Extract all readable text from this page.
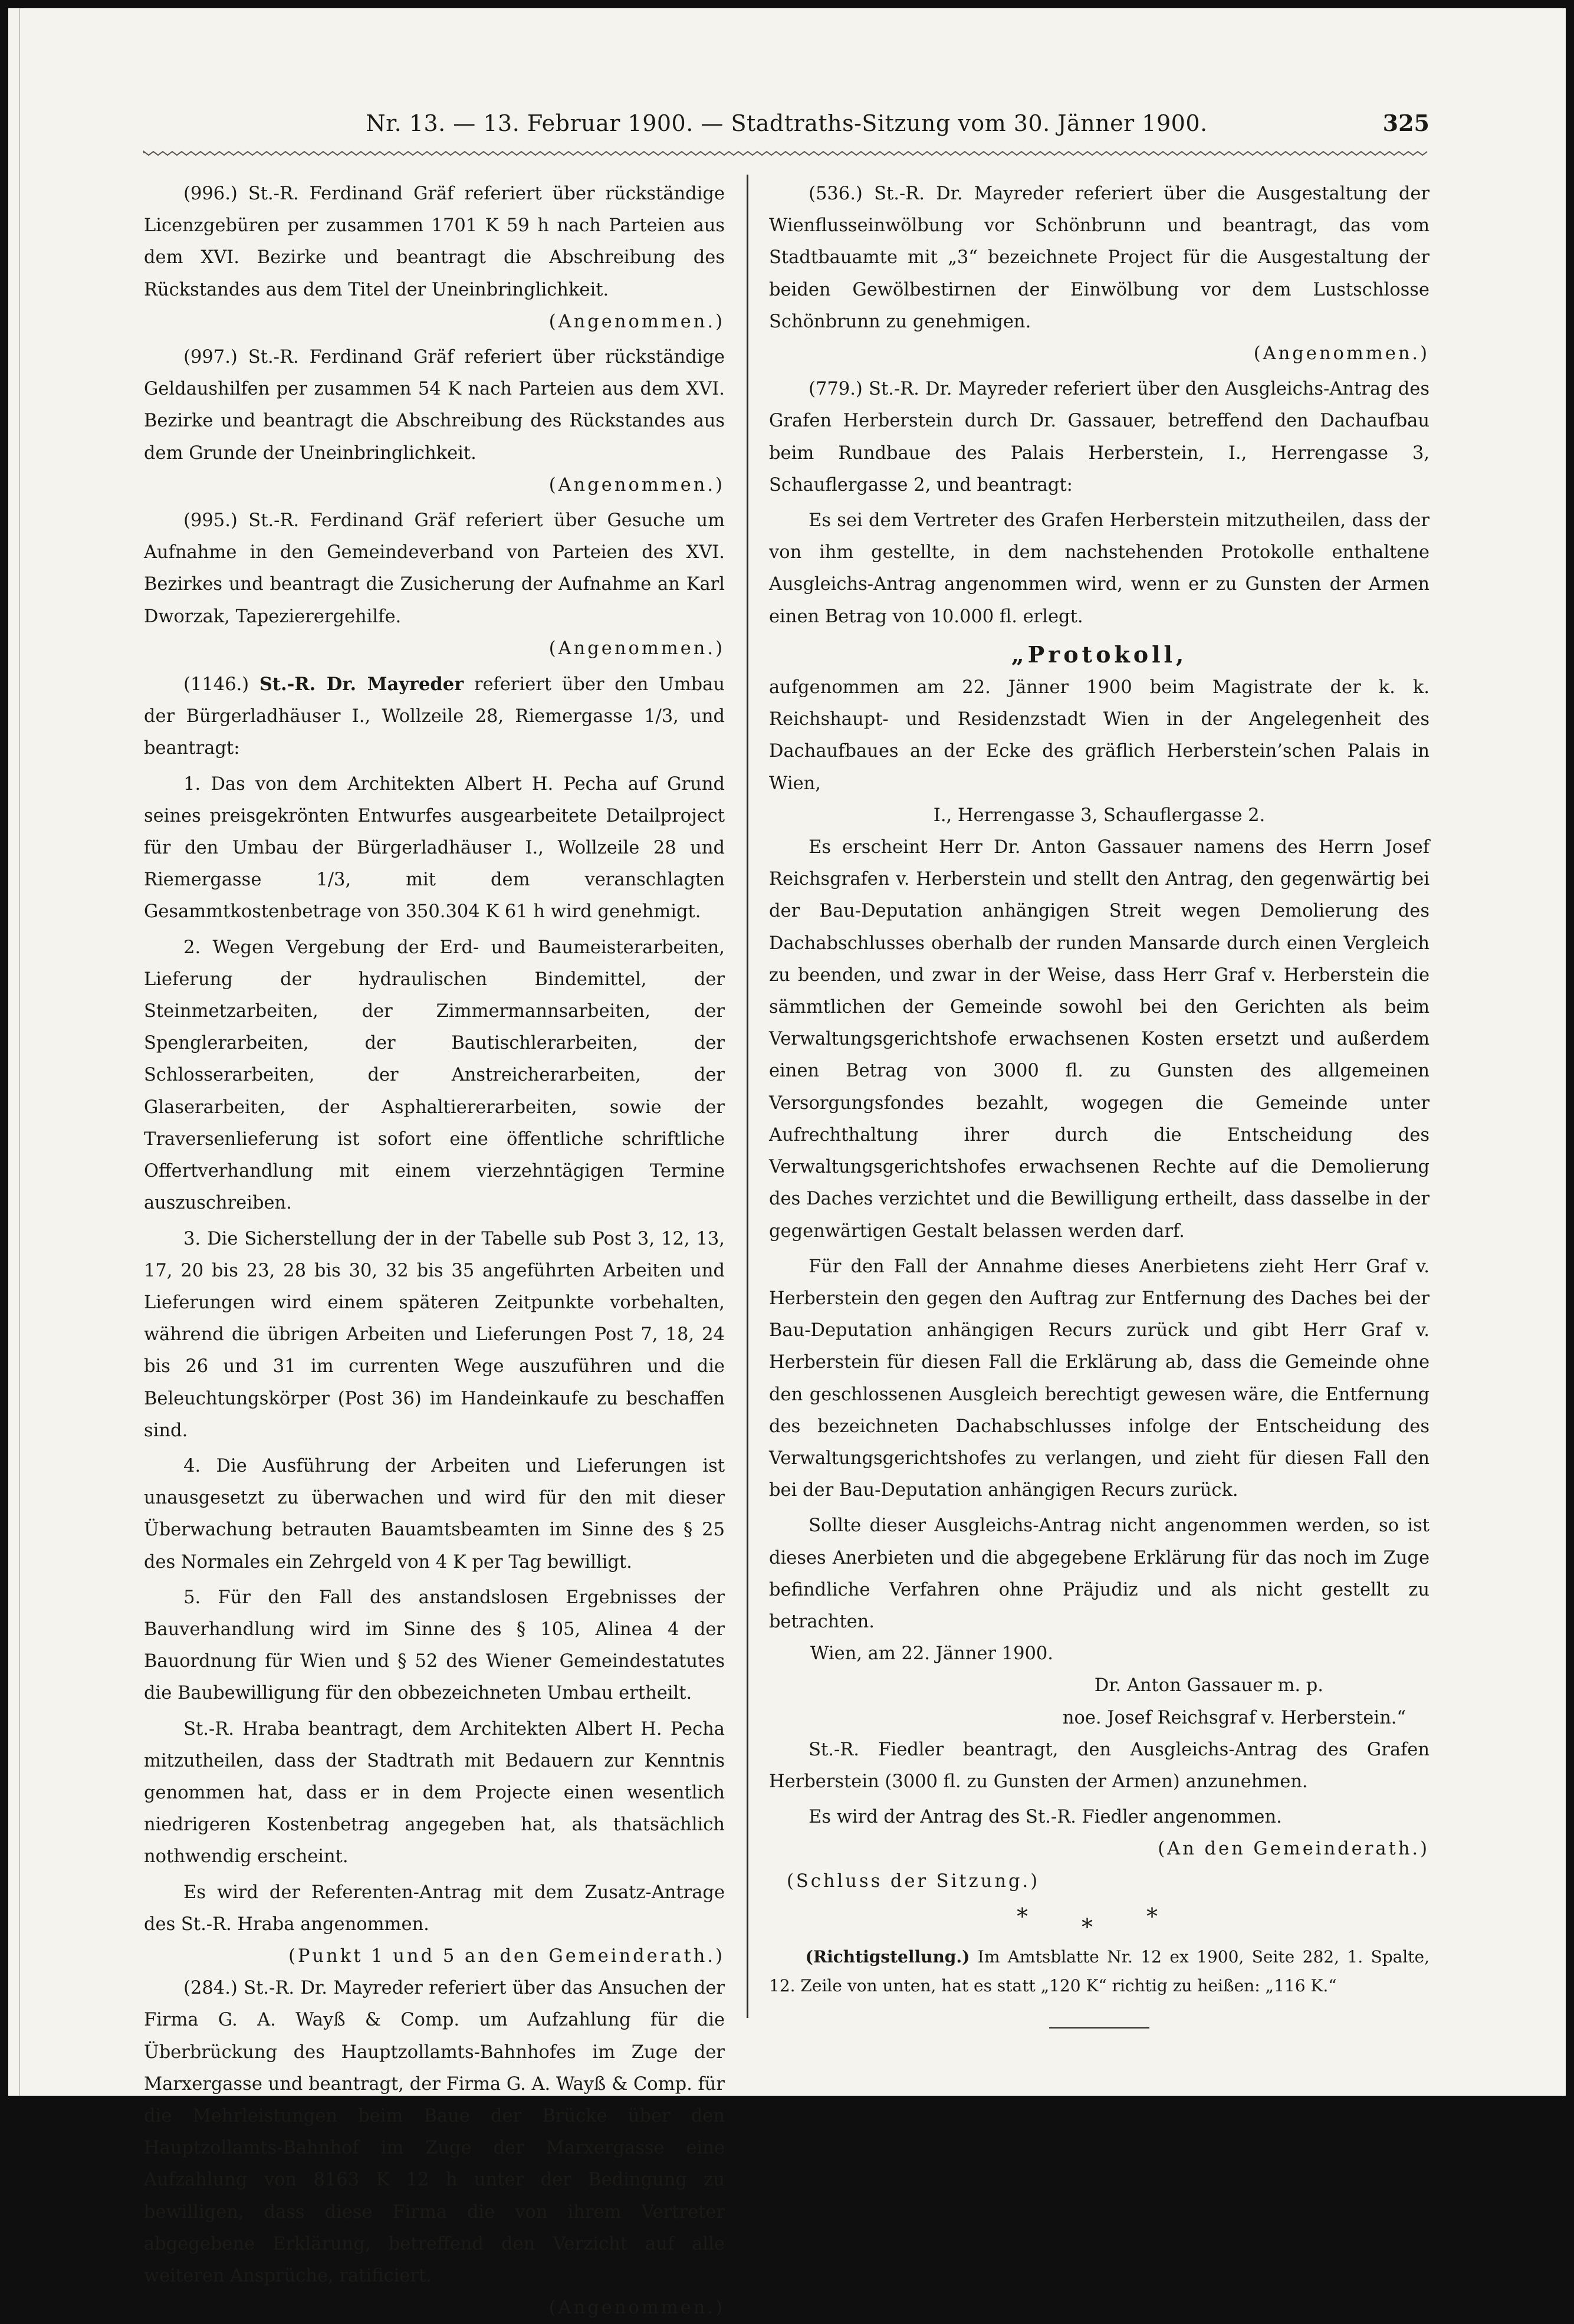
Nr. 13. — 13. Februar 1900. — Stadtraths-Sitzung vom 30. Jänner 1900.	325

(996.) St.-R. Ferdinand Gräf referiert über rückständige Licenzgebüren per zusammen 1701 K 59 h nach Parteien aus dem XVI. Bezirke und beantragt die Abschreibung des Rückstandes aus dem Titel der Uneinbringlichkeit.
(Angenommen.)

(997.) St.-R. Ferdinand Gräf referiert über rückständige Geldaushilfen per zusammen 54 K nach Parteien aus dem XVI. Bezirke und beantragt die Abschreibung des Rückstandes aus dem Grunde der Uneinbringlichkeit.
(Angenommen.)

(995.) St.-R. Ferdinand Gräf referiert über Gesuche um Aufnahme in den Gemeindeverband von Parteien des XVI. Bezirkes und beantragt die Zusicherung der Aufnahme an Karl Dworzak, Tapezierergehilfe.
(Angenommen.)

(1146.) St.-R. Dr. Mayreder referiert über den Umbau der Bürgerladhäuser I., Wollzeile 28, Riemergasse 1/3, und beantragt:

1. Das von dem Architekten Albert H. Pecha auf Grund seines preisgekrönten Entwurfes ausgearbeitete Detailproject für den Umbau der Bürgerladhäuser I., Wollzeile 28 und Riemergasse 1/3, mit dem veranschlagten Gesammtkostenbetrage von 350.304 K 61 h wird genehmigt.

2. Wegen Vergebung der Erd- und Baumeisterarbeiten, Lieferung der hydraulischen Bindemittel, der Steinmetzarbeiten, der Zimmermannsarbeiten, der Spenglerarbeiten, der Bautischlerarbeiten, der Schlosserarbeiten, der Anstreicherarbeiten, der Glaserarbeiten, der Asphaltiererarbeiten, sowie der Traversenlieferung ist sofort eine öffentliche schriftliche Offertverhandlung mit einem vierzehntägigen Termine auszuschreiben.

3. Die Sicherstellung der in der Tabelle sub Post 3, 12, 13, 17, 20 bis 23, 28 bis 30, 32 bis 35 angeführten Arbeiten und Lieferungen wird einem späteren Zeitpunkte vorbehalten, während die übrigen Arbeiten und Lieferungen Post 7, 18, 24 bis 26 und 31 im currenten Wege auszuführen und die Beleuchtungskörper (Post 36) im Handeinkaufe zu beschaffen sind.

4. Die Ausführung der Arbeiten und Lieferungen ist unausgesetzt zu überwachen und wird für den mit dieser Überwachung betrauten Bauamtsbeamten im Sinne des § 25 des Normales ein Zehrgeld von 4 K per Tag bewilligt.

5. Für den Fall des anstandslosen Ergebnisses der Bauverhandlung wird im Sinne des § 105, Alinea 4 der Bauordnung für Wien und § 52 des Wiener Gemeindestatutes die Baubewilligung für den obbezeichneten Umbau ertheilt.

St.-R. Hraba beantragt, dem Architekten Albert H. Pecha mitzutheilen, dass der Stadtrath mit Bedauern zur Kenntnis genommen hat, dass er in dem Projecte einen wesentlich niedrigeren Kostenbetrag angegeben hat, als thatsächlich nothwendig erscheint.

Es wird der Referenten-Antrag mit dem Zusatz-Antrage des St.-R. Hraba angenommen.

(Punkt 1 und 5 an den Gemeinderath.)

(284.) St.-R. Dr. Mayreder referiert über das Ansuchen der Firma G. A. Wayß & Comp. um Aufzahlung für die Überbrückung des Hauptzollamts-Bahnhofes im Zuge der Marxergasse und beantragt, der Firma G. A. Wayß & Comp. für die Mehrleistungen beim Baue der Brücke über den Hauptzollamts-Bahnhof im Zuge der Marxergasse eine Aufzahlung von 8163 K 12 h unter der Bedingung zu bewilligen, dass diese Firma die von ihrem Vertreter abgegebene Erklärung, betreffend den Verzicht auf alle weiteren Ansprüche, ratificiert.
(Angenommen.)

(536.) St.-R. Dr. Mayreder referiert über die Ausgestaltung der Wienflusseinwölbung vor Schönbrunn und beantragt, das vom Stadtbauamte mit „3“ bezeichnete Project für die Ausgestaltung der beiden Gewölbestirnen der Einwölbung vor dem Lustschlosse Schönbrunn zu genehmigen.
(Angenommen.)

(779.) St.-R. Dr. Mayreder referiert über den Ausgleichs-Antrag des Grafen Herberstein durch Dr. Gassauer, betreffend den Dachaufbau beim Rundbaue des Palais Herberstein, I., Herrengasse 3, Schauflergasse 2, und beantragt:

Es sei dem Vertreter des Grafen Herberstein mitzutheilen, dass der von ihm gestellte, in dem nachstehenden Protokolle enthaltene Ausgleichs-Antrag angenommen wird, wenn er zu Gunsten der Armen einen Betrag von 10.000 fl. erlegt.

„Protokoll,

aufgenommen am 22. Jänner 1900 beim Magistrate der k. k. Reichshaupt- und Residenzstadt Wien in der Angelegenheit des Dachaufbaues an der Ecke des gräflich Herberstein’schen Palais in Wien,

I., Herrengasse 3, Schauflergasse 2.

Es erscheint Herr Dr. Anton Gassauer namens des Herrn Josef Reichsgrafen v. Herberstein und stellt den Antrag, den gegenwärtig bei der Bau-Deputation anhängigen Streit wegen Demolierung des Dachabschlusses oberhalb der runden Mansarde durch einen Vergleich zu beenden, und zwar in der Weise, dass Herr Graf v. Herberstein die sämmtlichen der Gemeinde sowohl bei den Gerichten als beim Verwaltungsgerichtshofe erwachsenen Kosten ersetzt und außerdem einen Betrag von 3000 fl. zu Gunsten des allgemeinen Versorgungsfondes bezahlt, wogegen die Gemeinde unter Aufrechthaltung ihrer durch die Entscheidung des Verwaltungsgerichtshofes erwachsenen Rechte auf die Demolierung des Daches verzichtet und die Bewilligung ertheilt, dass dasselbe in der gegenwärtigen Gestalt belassen werden darf.

Für den Fall der Annahme dieses Anerbietens zieht Herr Graf v. Herberstein den gegen den Auftrag zur Entfernung des Daches bei der Bau-Deputation anhängigen Recurs zurück und gibt Herr Graf v. Herberstein für diesen Fall die Erklärung ab, dass die Gemeinde ohne den geschlossenen Ausgleich berechtigt gewesen wäre, die Entfernung des bezeichneten Dachabschlusses infolge der Entscheidung des Verwaltungsgerichtshofes zu verlangen, und zieht für diesen Fall den bei der Bau-Deputation anhängigen Recurs zurück.

Sollte dieser Ausgleichs-Antrag nicht angenommen werden, so ist dieses Anerbieten und die abgegebene Erklärung für das noch im Zuge befindliche Verfahren ohne Präjudiz und als nicht gestellt zu betrachten.

Wien, am 22. Jänner 1900.

Dr. Anton Gassauer m. p.

noe. Josef Reichsgraf v. Herberstein.“

St.-R. Fiedler beantragt, den Ausgleichs-Antrag des Grafen Herberstein (3000 fl. zu Gunsten der Armen) anzunehmen.

Es wird der Antrag des St.-R. Fiedler angenommen.

(An den Gemeinderath.)

(Schluss der Sitzung.)

* * *

(Richtigstellung.) Im Amtsblatte Nr. 12 ex 1900, Seite 282, 1. Spalte, 12. Zeile von unten, hat es statt „120 K“ richtig zu heißen: „116 K.“
